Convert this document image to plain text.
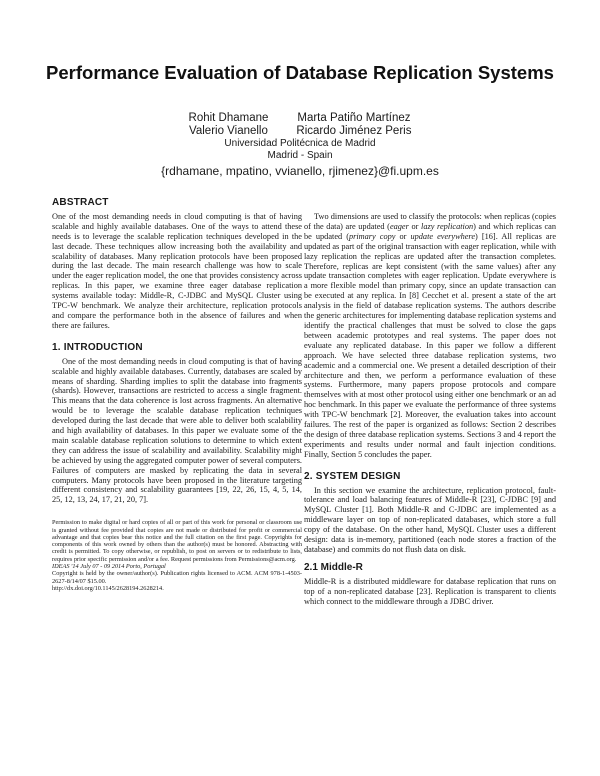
Performance Evaluation of Database Replication Systems
Rohit Dhamane
Valerio Vianello
Marta Patiño Martínez
Ricardo Jiménez Peris
Universidad Politécnica de Madrid
Madrid - Spain
{rdhamane, mpatino, vvianello, rjimenez}@fi.upm.es
ABSTRACT

One of the most demanding needs in cloud computing is that of having scalable and highly available databases. One of the ways to attend these needs is to leverage the scalable replication techniques developed in the last decade. These techniques allow increasing both the availability and scalability of databases. Many replication protocols have been proposed during the last decade. The main research challenge was how to scale under the eager replication model, the one that provides consistency across replicas. In this paper, we examine three eager database replication systems available today: Middle-R, C-JDBC and MySQL Cluster using TPC-W benchmark. We analyze their architecture, replication protocols and compare the performance both in the absence of failures and when there are failures.

1. INTRODUCTION

One of the most demanding needs in cloud computing is that of having scalable and highly available databases. Currently, databases are scaled by means of sharding. Sharding implies to split the database into fragments (shards). However, transactions are restricted to access a single fragment. This means that the data coherence is lost across fragments. An alternative would be to leverage the scalable database replication techniques developed during the last decade that were able to deliver both scalability and high availability of databases. In this paper we evaluate some of the main scalable database replication solutions to determine to which extent they can address the issue of scalability and availability. Scalability might be achieved by using the aggregated computer power of several computers. Failures of computers are masked by replicating the data in several computers. Many protocols have been proposed in the literature targeting different consistency and scalability guarantees [19, 22, 26, 15, 4, 5, 14, 25, 12, 13, 24, 17, 21, 20, 7].

Permission to make digital or hard copies of all or part of this work for personal or classroom use is granted without fee provided that copies are not made or distributed for profit or commercial advantage and that copies bear this notice and the full citation on the first page. Copyrights for components of this work owned by others than the author(s) must be honored. Abstracting with credit is permitted. To copy otherwise, or republish, to post on servers or to redistribute to lists, requires prior specific permission and/or a fee. Request permissions from Permissions@acm.org.

IDEAS '14 July 07 - 09 2014 Porto, Portugal

Copyright is held by the owner/author(s). Publication rights licensed to ACM. ACM 978-1-4503-2627-8/14/07 $15.00.

http://dx.doi.org/10.1145/2628194.2628214.

Two dimensions are used to classify the protocols: when replicas (copies of the data) are updated (eager or lazy replication) and which replicas can be updated (primary copy or update everywhere) [16]. All replicas are updated as part of the original transaction with eager replication, while with lazy replication the replicas are updated after the transaction completes. Therefore, replicas are kept consistent (with the same values) after any update transaction completes with eager replication. Update everywhere is a more flexible model than primary copy, since an update transaction can be executed at any replica. In [8] Cecchet et al. present a state of the art analysis in the field of database replication systems. The authors describe the generic architectures for implementing database replication systems and identify the practical challenges that must be solved to close the gaps between academic prototypes and real systems. The paper does not evaluate any replicated database. In this paper we follow a different approach. We have selected three database replication systems, two academic and a commercial one. We present a detailed description of their architecture and then, we perform a performance evaluation of these systems. Furthermore, many papers propose protocols and compare themselves with at most other protocol using either one benchmark or an ad hoc benchmark. In this paper we evaluate the performance of three systems with TPC-W benchmark [2]. Moreover, the evaluation takes into account failures. The rest of the paper is organized as follows: Section 2 describes the design of three database replication systems. Sections 3 and 4 report the experiments and results under normal and fault injection conditions. Finally, Section 5 concludes the paper.

2. SYSTEM DESIGN

In this section we examine the architecture, replication protocol, fault-tolerance and load balancing features of Middle-R [23], C-JDBC [9] and MySQL Cluster [1]. Both Middle-R and C-JDBC are implemented as a middleware layer on top of non-replicated databases, which store a full copy of the database. On the other hand, MySQL Cluster uses a different design: data is in-memory, partitioned (each node stores a fraction of the database) and commits do not flush data on disk.

2.1 Middle-R

Middle-R is a distributed middleware for database replication that runs on top of a non-replicated database [23]. Replication is transparent to clients which connect to the middleware through a JDBC driver.
